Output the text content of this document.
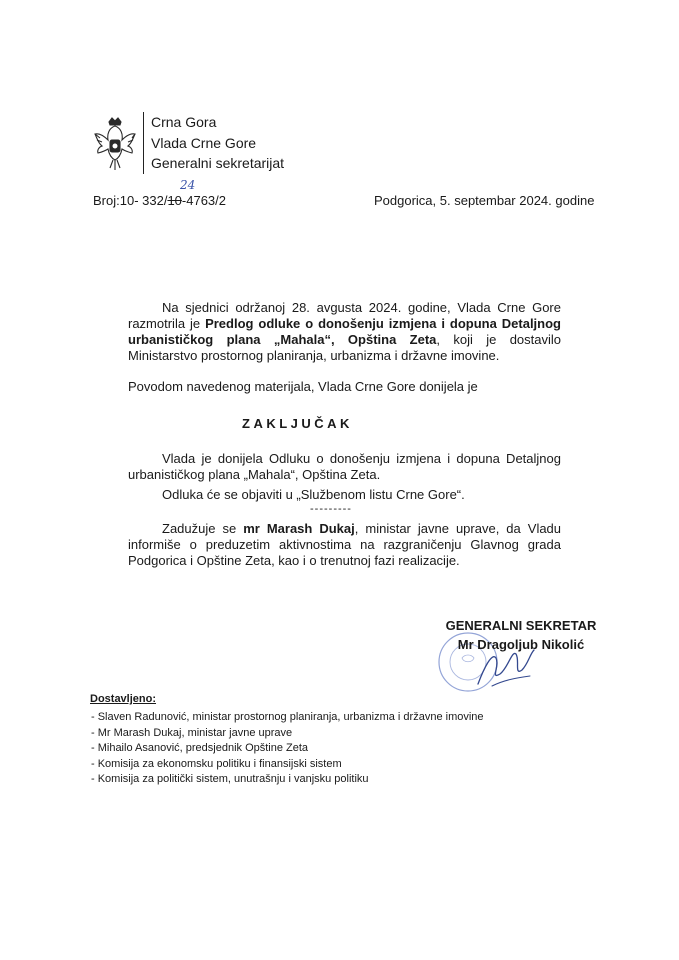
Crna Gora
Vlada Crne Gore
Generalni sekretarijat
Broj:10- 332/10-4763/2
24
Podgorica, 5. septembar 2024. godine
Na sjednici održanoj 28. avgusta 2024. godine, Vlada Crne Gore razmotrila je Predlog odluke o donošenju izmjena i dopuna Detaljnog urbanističkog plana „Mahala“, Opština Zeta, koji je dostavilo Ministarstvo prostornog planiranja, urbanizma i državne imovine.
Povodom navedenog materijala, Vlada Crne Gore donijela je
ZAKLJUČAK
Vlada je donijela Odluku o donošenju izmjena i dopuna Detaljnog urbanističkog plana „Mahala“, Opština Zeta.
Odluka će se objaviti u „Službenom listu Crne Gore“.
---------
Zadužuje se mr Marash Dukaj, ministar javne uprave, da Vladu informiše o preduzetim aktivnostima na razgraničenju Glavnog grada Podgorica i Opštine Zeta, kao i o trenutnoj fazi realizacije.
GENERALNI SEKRETAR
Mr Dragoljub Nikolić
Dostavljeno:
- Slaven Radunović, ministar prostornog planiranja, urbanizma i državne imovine
- Mr Marash Dukaj, ministar javne uprave
- Mihailo Asanović, predsjednik Opštine Zeta
- Komisija za ekonomsku politiku i finansijski sistem
- Komisija za politički sistem, unutrašnju i vanjsku politiku
